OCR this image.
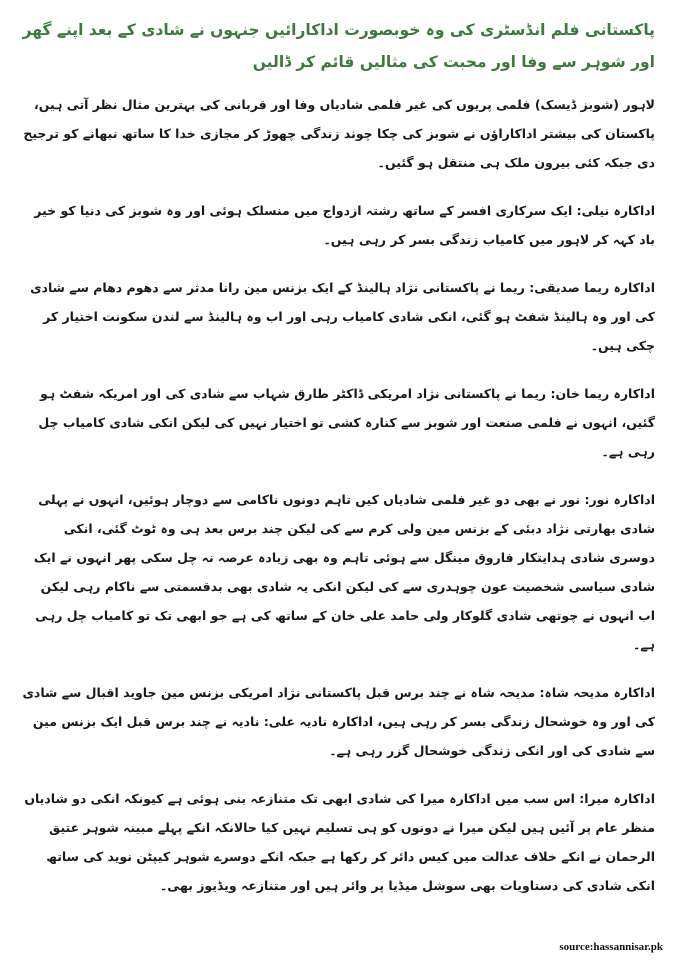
پاکستانی فلم انڈسٹری کی وہ خوبصورت اداکارائیں جنہوں نے شادی کے بعد اپنے گھر اور شوہر سے وفا اور محبت کی مثالیں قائم کر ڈالیں

لاہور (شوبز ڈیسک) فلمی پریوں کی غیر فلمی شادیاں وفا اور قربانی کی بہترین مثال نظر آتی ہیں، پاکستان کی بیشتر اداکاراؤں نے شوبز کی چکا چوند زندگی چھوڑ کر مجازی خدا کا ساتھ نبھانے کو ترجیح دی جبکہ کئی بیرون ملک ہی منتقل ہو گئیں۔

اداکارہ نیلی: ایک سرکاری افسر کے ساتھ رشتہ ازدواج میں منسلک ہوئی اور وہ شوبز کی دنیا کو خیر باد کہہ کر لاہور میں کامیاب زندگی بسر کر رہی ہیں۔

اداکارہ ریما صدیقی: ریما نے پاکستانی نژاد ہالینڈ کے ایک بزنس مین رانا مدثر سے دھوم دھام سے شادی کی اور وہ ہالینڈ شفٹ ہو گئی، انکی شادی کامیاب رہی اور اب وہ ہالینڈ سے لندن سکونت اختیار کر چکی ہیں۔

اداکارہ ریما خان: ریما نے پاکستانی نژاد امریکی ڈاکٹر طارق شہاب سے شادی کی اور امریکہ شفٹ ہو گئیں، انہوں نے فلمی صنعت اور شوبز سے کنارہ کشی تو اختیار نہیں کی لیکن انکی شادی کامیاب چل رہی ہے۔

اداکارہ نور: نور نے بھی دو غیر فلمی شادیاں کیں تاہم دونوں ناکامی سے دوچار ہوئیں، انہوں نے پہلی شادی بھارتی نژاد دبئی کے بزنس مین ولی کرم سے کی لیکن چند برس بعد ہی وہ ٹوٹ گئی، انکی دوسری شادی ہدایتکار فاروق مینگل سے ہوئی تاہم وہ بھی زیادہ عرصہ نہ چل سکی پھر انہوں نے ایک شادی سیاسی شخصیت عون چوہدری سے کی لیکن انکی یہ شادی بھی بدقسمتی سے ناکام رہی لیکن اب انہوں نے چوتھی شادی گلوکار ولی حامد علی خان کے ساتھ کی ہے جو ابھی تک تو کامیاب چل رہی ہے۔

اداکارہ مدیحہ شاہ: مدیحہ شاہ نے چند برس قبل پاکستانی نژاد امریکی بزنس مین جاوید اقبال سے شادی کی اور وہ خوشحال زندگی بسر کر رہی ہیں، اداکارہ نادیہ علی: نادیہ نے چند برس قبل ایک بزنس مین سے شادی کی اور انکی زندگی خوشحال گزر رہی ہے۔

اداکارہ میرا: اس سب میں اداکارہ میرا کی شادی ابھی تک متنازعہ بنی ہوئی ہے کیونکہ انکی دو شادیاں منظر عام پر آئیں ہیں لیکن میرا نے دونوں کو ہی تسلیم نہیں کیا حالانکہ انکے پہلے مبینہ شوہر عتیق الرحمان نے انکے خلاف عدالت میں کیس دائر کر رکھا ہے جبکہ انکے دوسرے شوہر کیپٹن نوید کی ساتھ انکی شادی کی دستاویات بھی سوشل میڈیا پر وائر ہیں اور متنازعہ ویڈیوز بھی۔

source:hassannisar.pk
